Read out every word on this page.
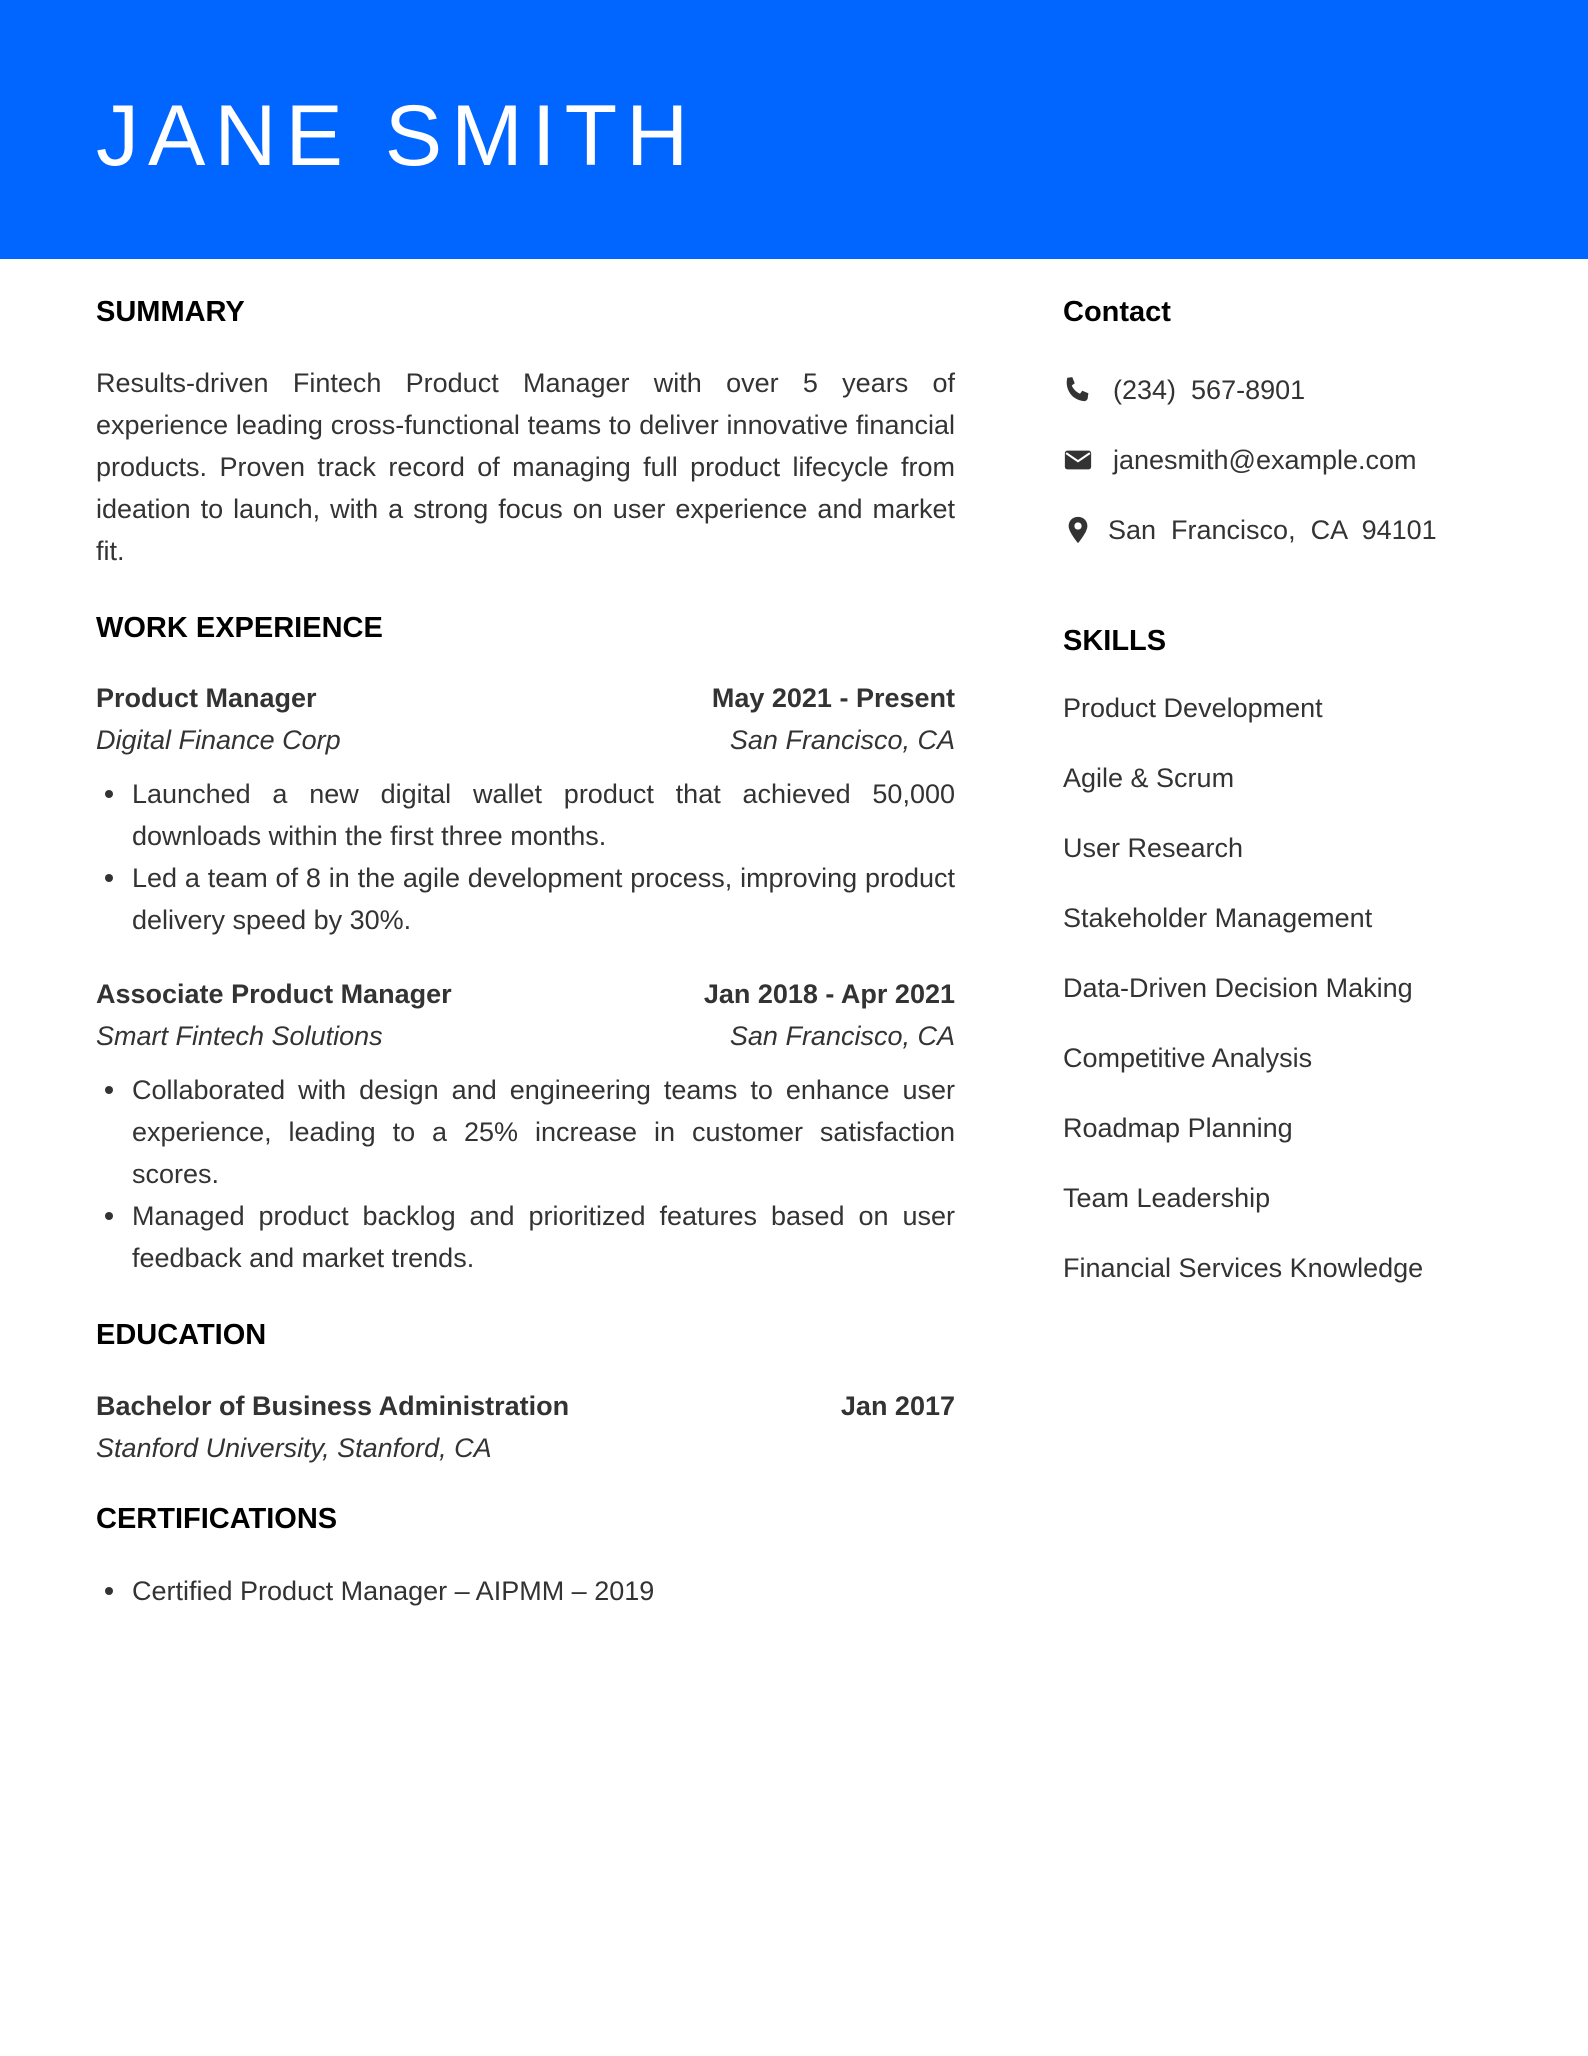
JANE SMITH
SUMMARY

Results-driven Fintech Product Manager with over 5 years of experience leading cross-functional teams to deliver innovative financial products. Proven track record of managing full product lifecycle from ideation to launch, with a strong focus on user experience and market fit.

WORK EXPERIENCE
Product Manager	May 2021 - Present
Digital Finance Corp	San Francisco, CA
Launched a new digital wallet product that achieved 50,000 downloads within the first three months.
Led a team of 8 in the agile development process, improving product delivery speed by 30%.
Associate Product Manager	Jan 2018 - Apr 2021
Smart Fintech Solutions	San Francisco, CA
Collaborated with design and engineering teams to enhance user experience, leading to a 25% increase in customer satisfaction scores.
Managed product backlog and prioritized features based on user feedback and market trends.
EDUCATION
Bachelor of Business Administration	Jan 2017
Stanford University, Stanford, CA
CERTIFICATIONS
Certified Product Manager – AIPMM – 2019
Contact
(234)  567-8901
janesmith@example.com
San  Francisco,  CA  94101
SKILLS

Product Development

Agile & Scrum

User Research

Stakeholder Management

Data-Driven Decision Making

Competitive Analysis

Roadmap Planning

Team Leadership

Financial Services Knowledge
